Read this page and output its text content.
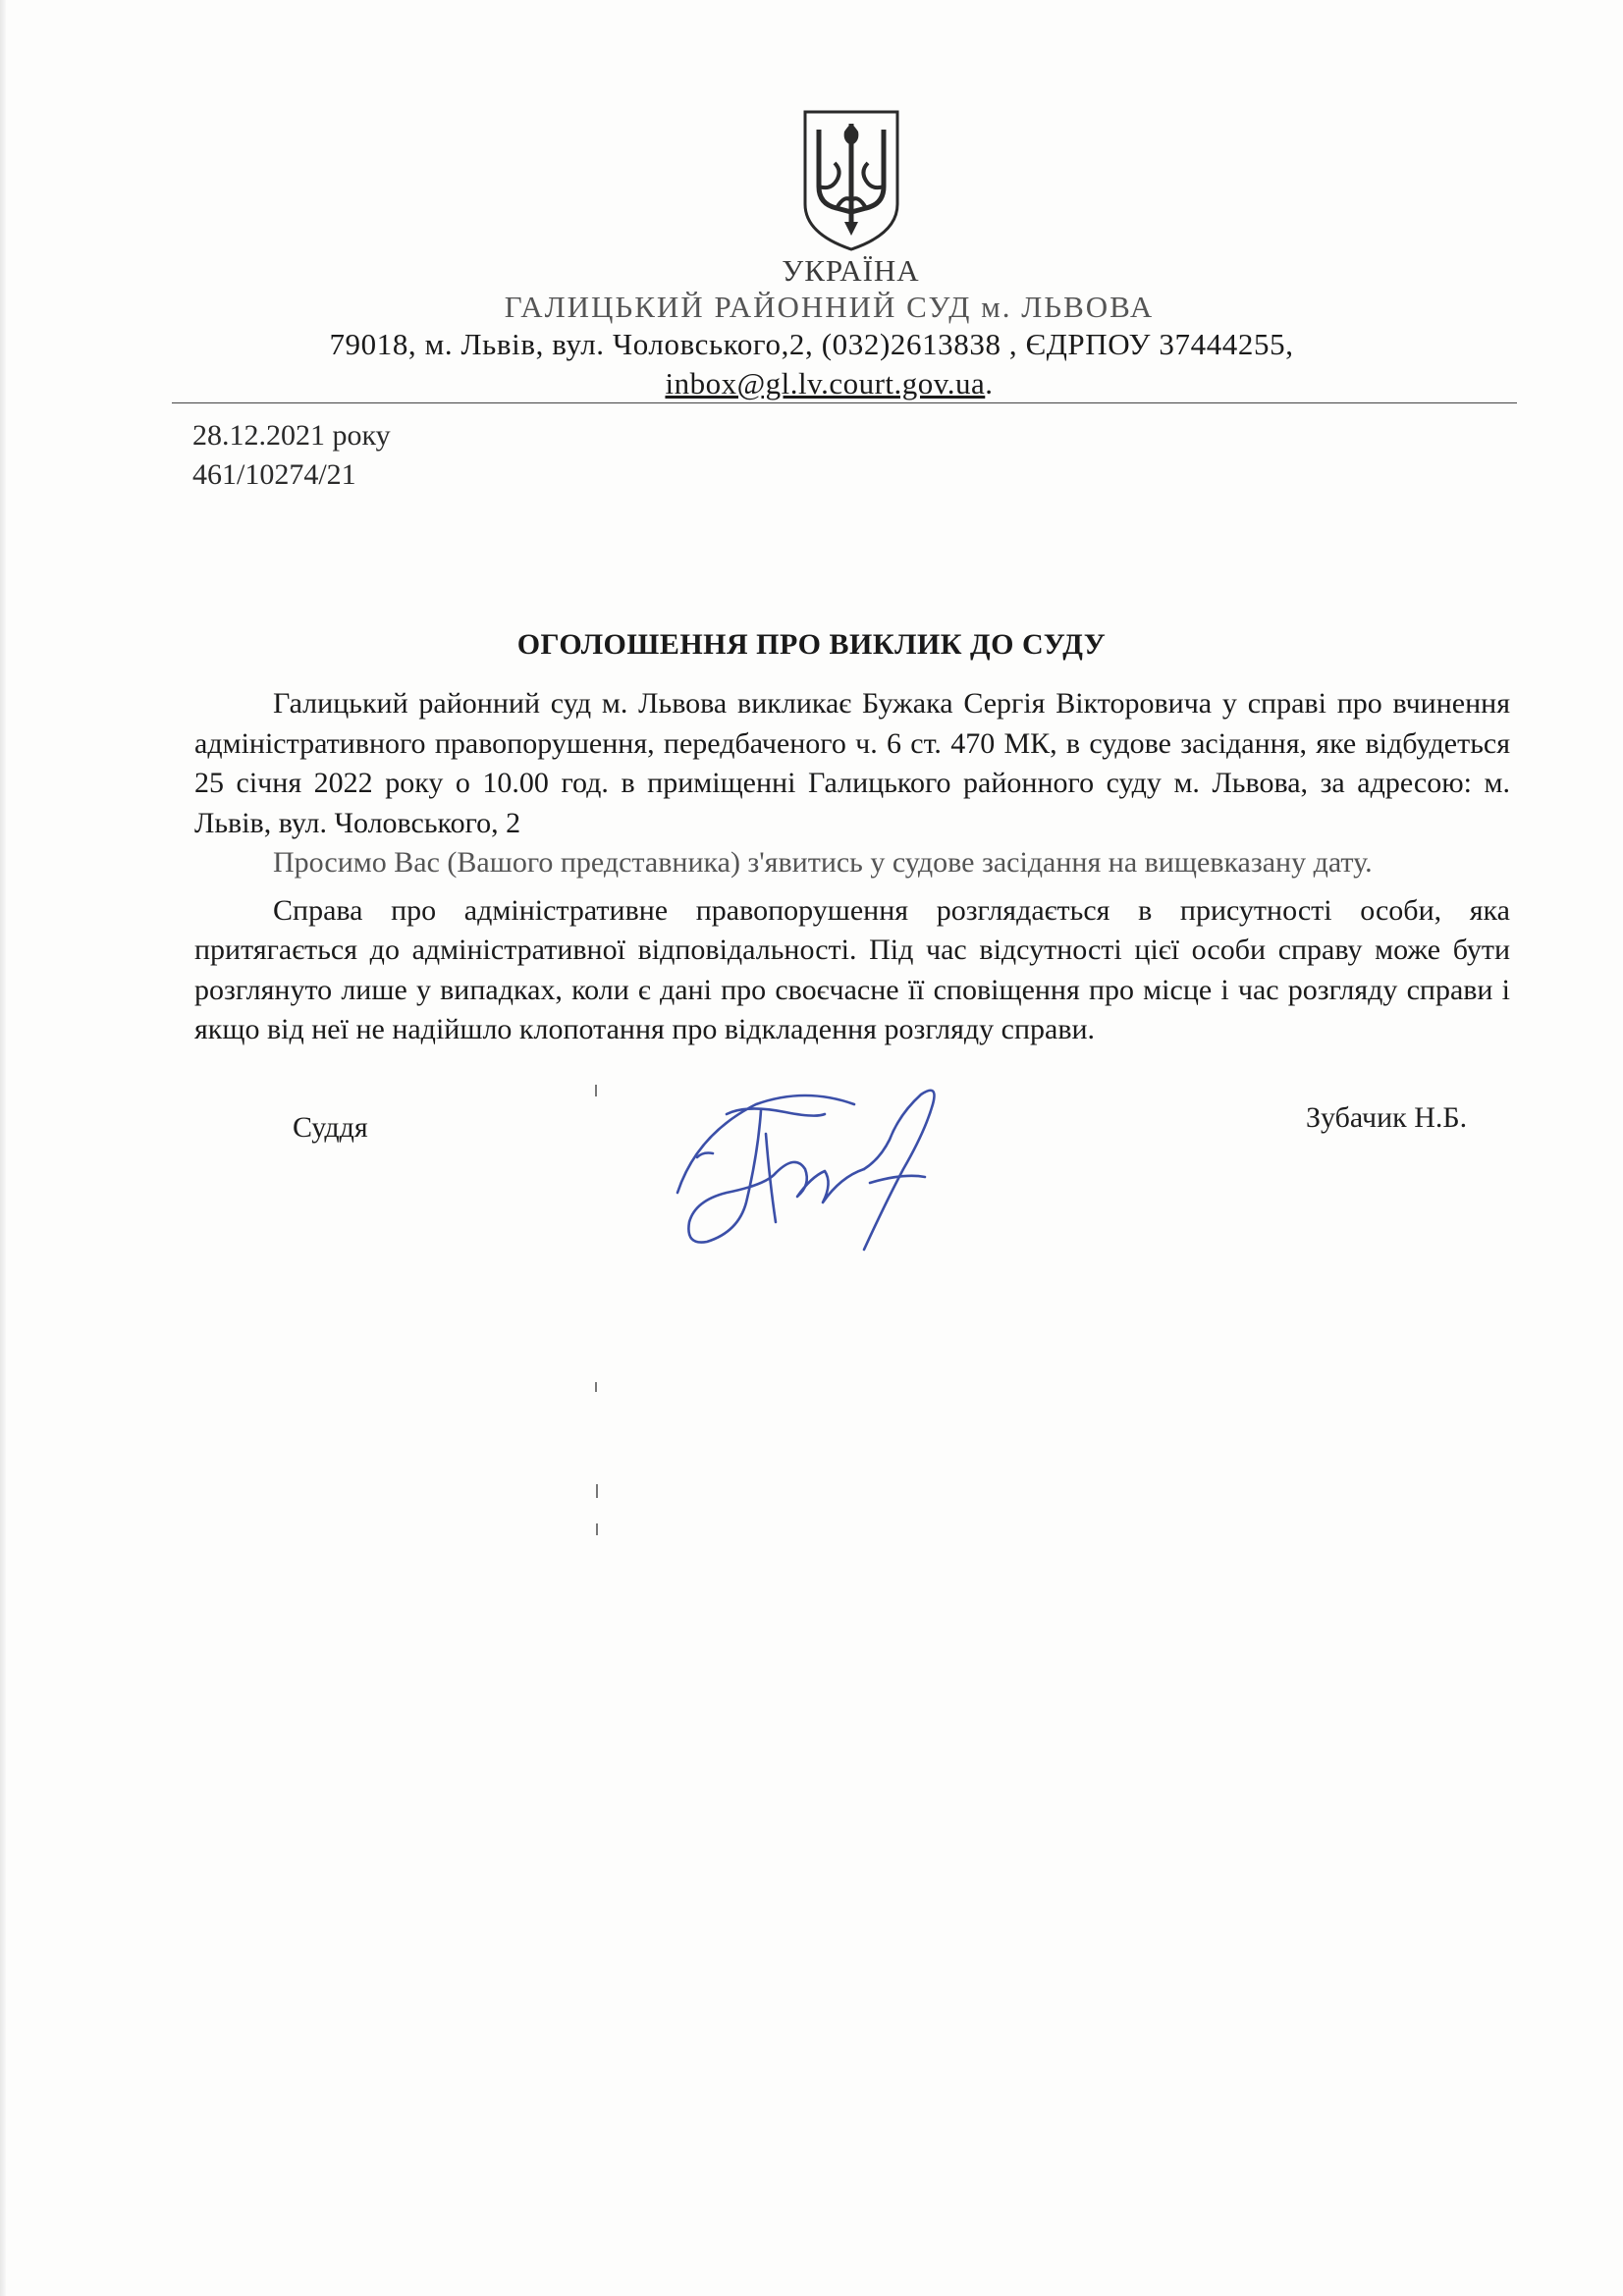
УКРАЇНА
ГАЛИЦЬКИЙ РАЙОННИЙ СУД м. ЛЬВОВА
79018, м. Львів, вул. Чоловського,2, (032)2613838 , ЄДРПОУ 37444255,
inbox@gl.lv.court.gov.ua.
28.12.2021 року
461/10274/21
ОГОЛОШЕННЯ ПРО ВИКЛИК ДО СУДУ

Галицький районний суд м. Львова викликає Бужака Сергія Вікторовича у справі про вчинення адміністративного правопорушення, передбаченого ч. 6 ст. 470 МК, в судове засідання, яке відбудеться 25 січня 2022 року о 10.00 год. в приміщенні Галицького районного суду м. Львова, за адресою: м. Львів, вул. Чоловського, 2

Просимо Вас (Вашого представника) з'явитись у судове засідання на вищевказану дату.

Справа про адміністративне правопорушення розглядається в присутності особи, яка притягається до адміністративної відповідальності. Під час відсутності цієї особи справу може бути розглянуто лише у випадках, коли є дані про своєчасне її сповіщення про місце і час розгляду справи і якщо від неї не надійшло клопотання про відкладення розгляду справи.

Суддя	Зубачик Н.Б.
